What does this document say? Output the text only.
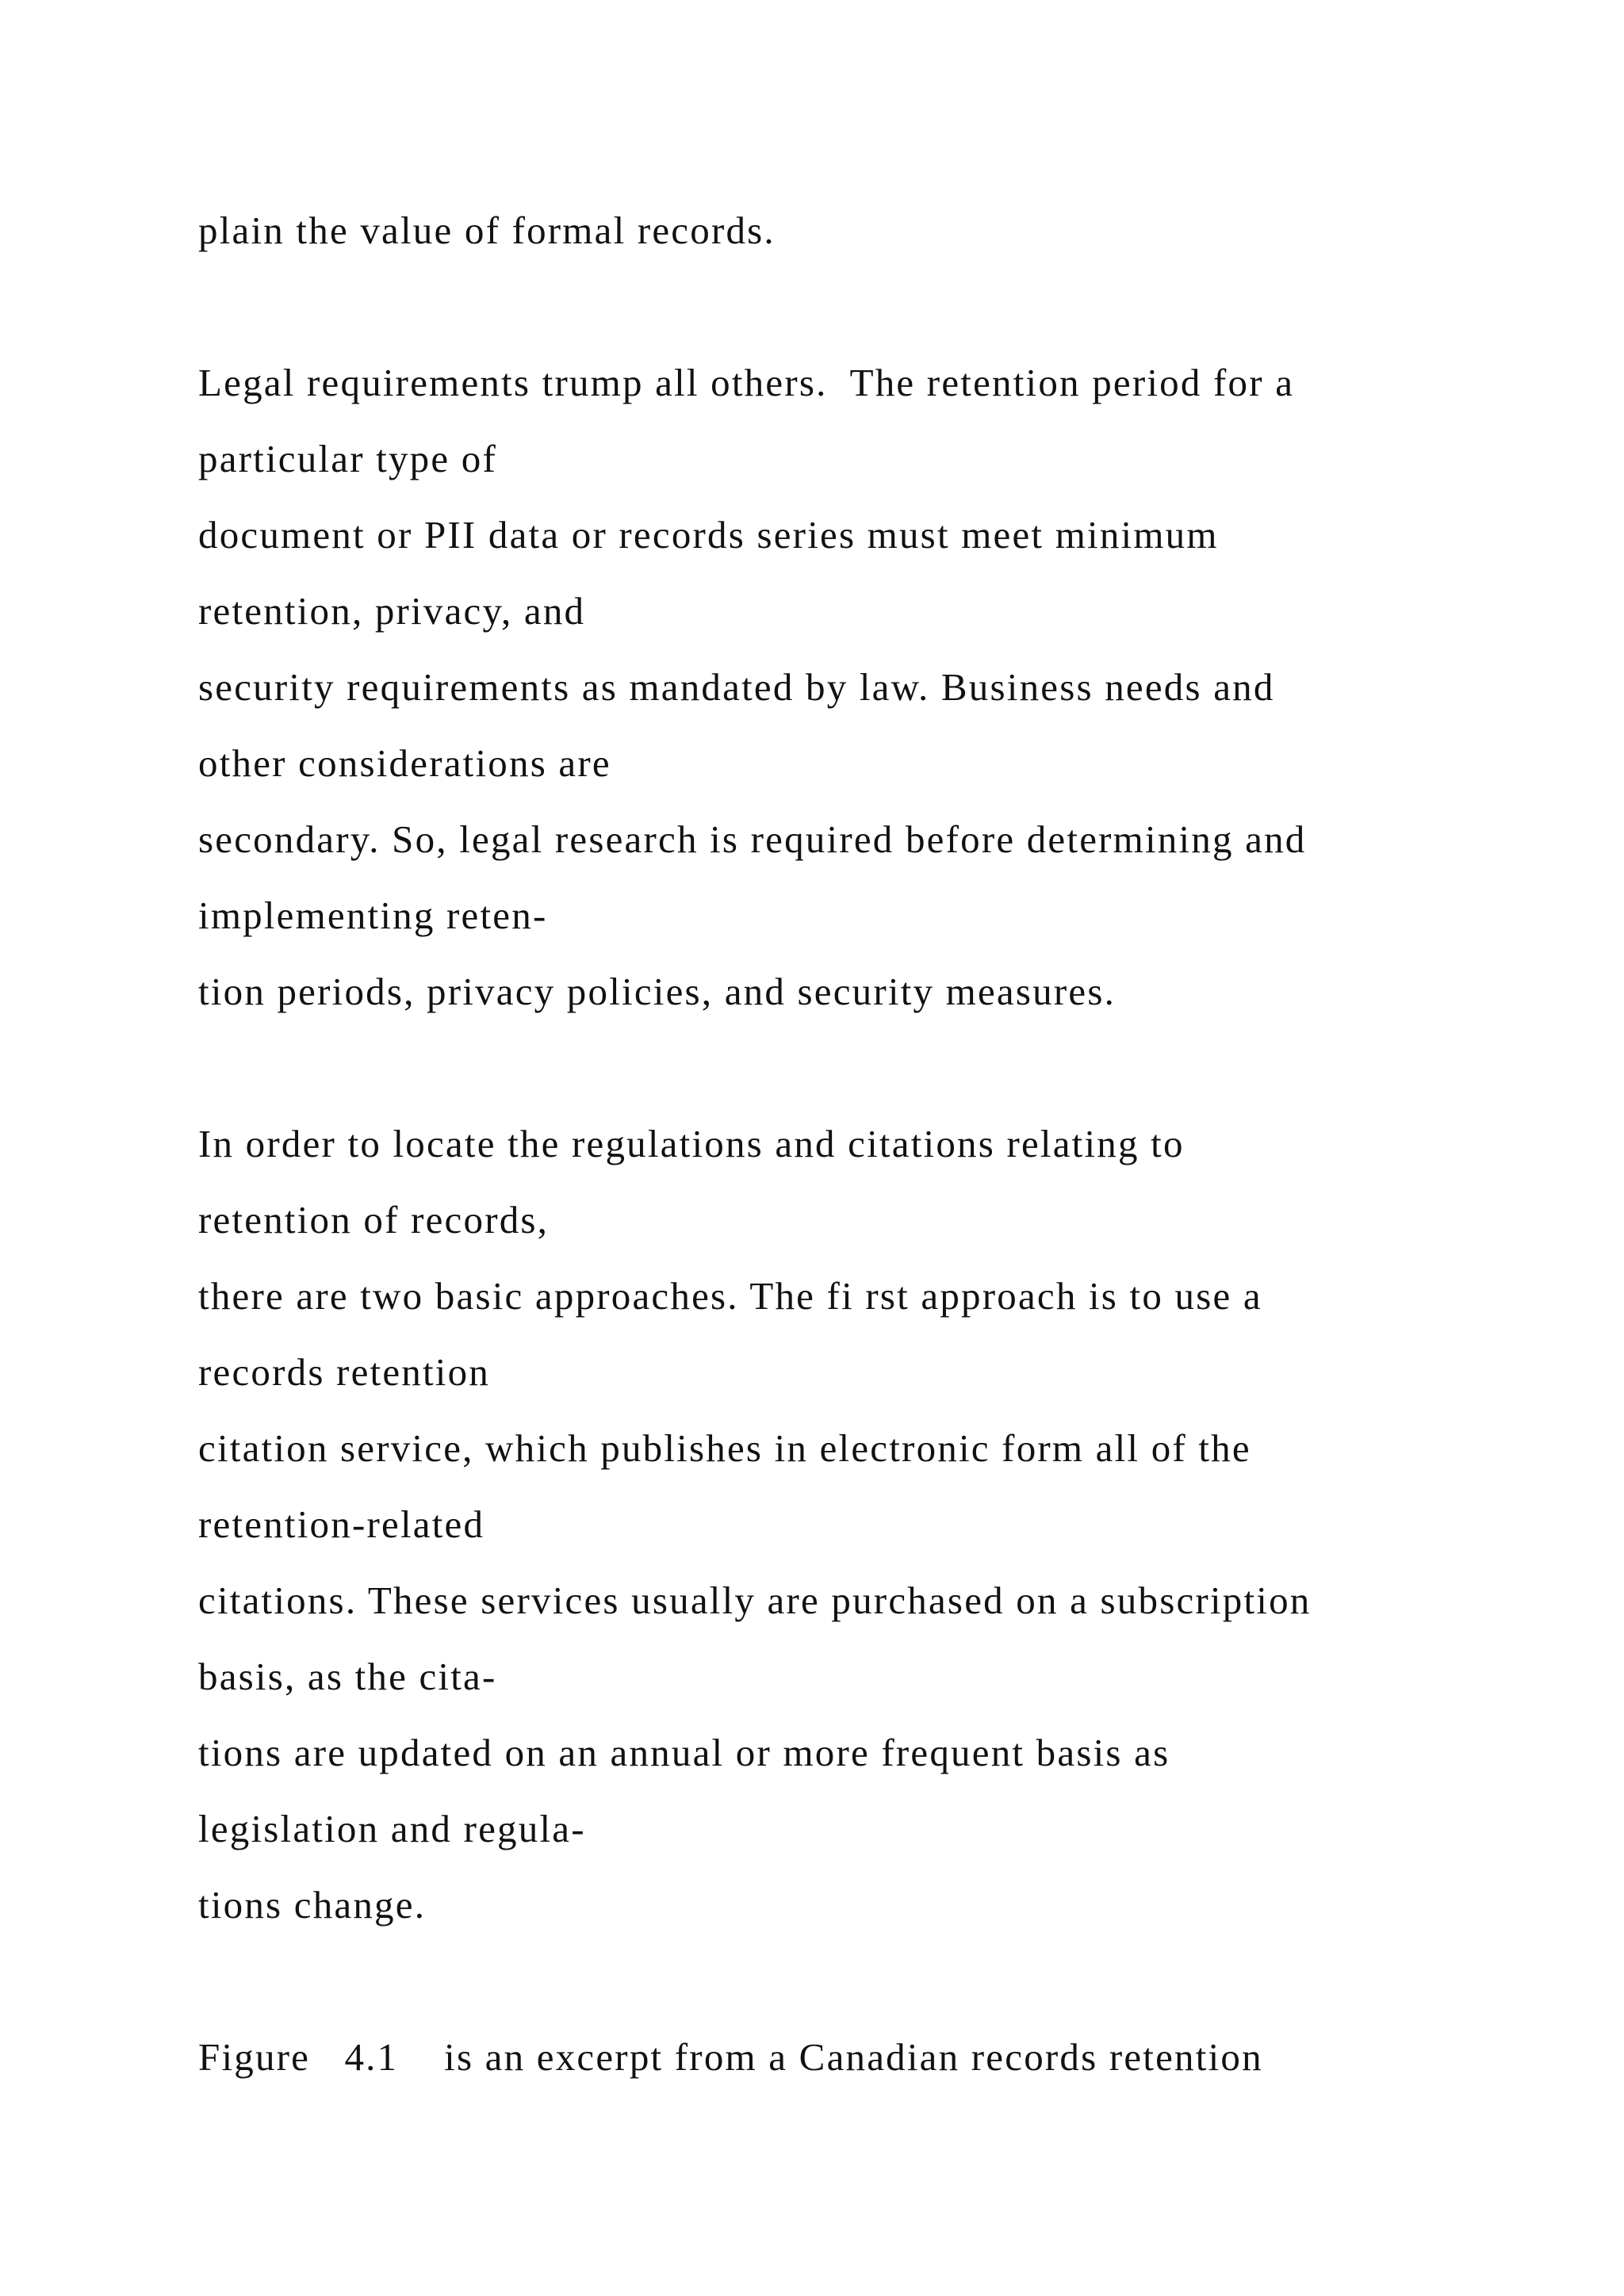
plain the value of formal records.
Legal requirements trump all others.  The retention period for a
particular type of
document or PII data or records series must meet minimum
retention, privacy, and
security requirements as mandated by law. Business needs and
other considerations are
secondary. So, legal research is required before determining and
implementing reten-
tion periods, privacy policies, and security measures.
In order to locate the regulations and citations relating to
retention of records,
there are two basic approaches. The fi rst approach is to use a
records retention
citation service, which publishes in electronic form all of the
retention-related
citations. These services usually are purchased on a subscription
basis, as the cita-
tions are updated on an annual or more frequent basis as
legislation and regula-
tions change.
Figure   4.1    is an excerpt from a Canadian records retention
